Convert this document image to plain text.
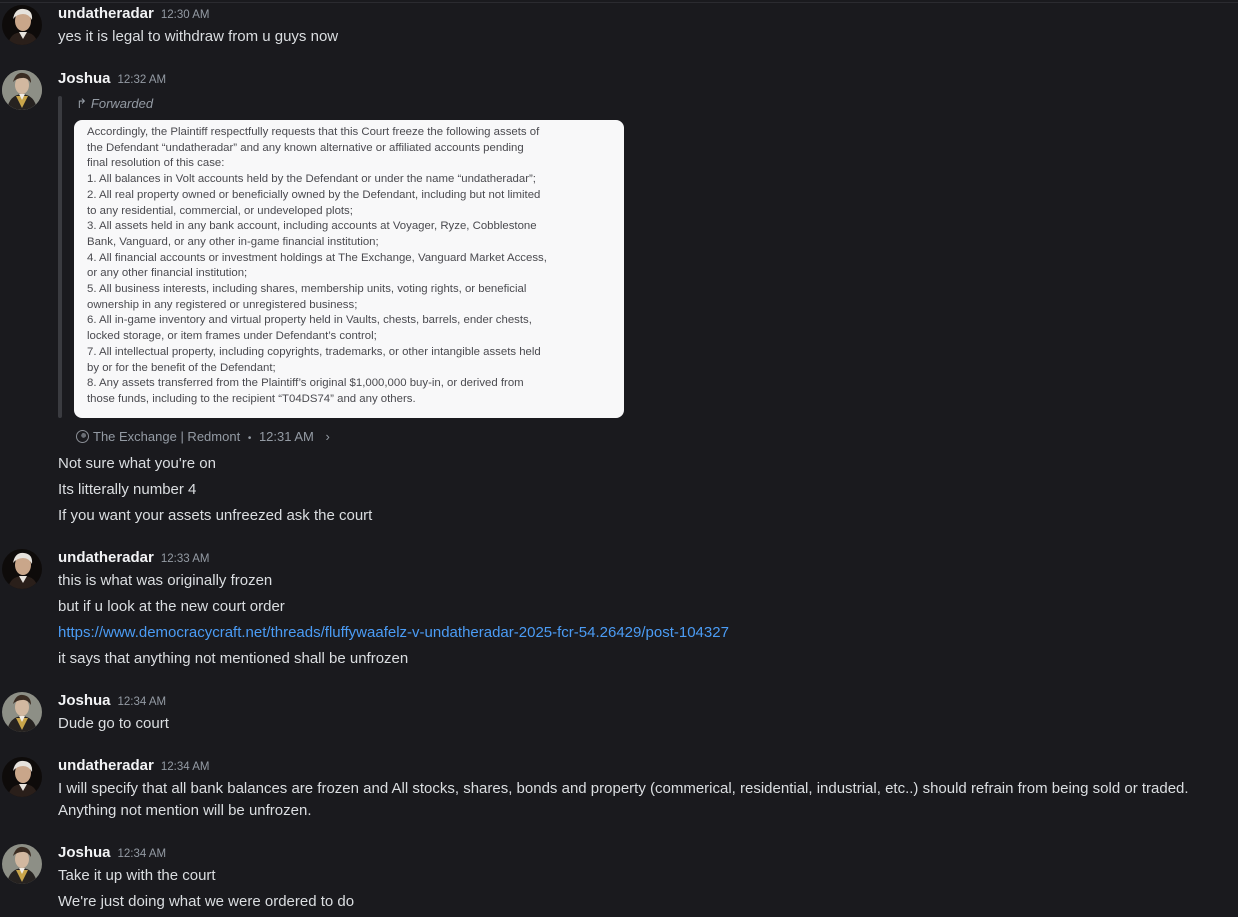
undatheradar 12:30 AM
yes it is legal to withdraw from u guys now
Joshua 12:32 AM
↱ Forwarded
Accordingly, the Plaintiff respectfully requests that this Court freeze the following assets of
the Defendant “undatheradar” and any known alternative or affiliated accounts pending
final resolution of this case:
1. All balances in Volt accounts held by the Defendant or under the name “undatheradar”;
2. All real property owned or beneficially owned by the Defendant, including but not limited
to any residential, commercial, or undeveloped plots;
3. All assets held in any bank account, including accounts at Voyager, Ryze, Cobblestone
Bank, Vanguard, or any other in-game financial institution;
4. All financial accounts or investment holdings at The Exchange, Vanguard Market Access,
or any other financial institution;
5. All business interests, including shares, membership units, voting rights, or beneficial
ownership in any registered or unregistered business;
6. All in-game inventory and virtual property held in Vaults, chests, barrels, ender chests,
locked storage, or item frames under Defendant’s control;
7. All intellectual property, including copyrights, trademarks, or other intangible assets held
by or for the benefit of the Defendant;
8. Any assets transferred from the Plaintiff’s original $1,000,000 buy-in, or derived from
those funds, including to the recipient “T04DS74” and any others.
The Exchange | Redmont • 12:31 AM ›
Not sure what you're on
Its litterally number 4
If you want your assets unfreezed ask the court
undatheradar 12:33 AM
this is what was originally frozen
but if u look at the new court order
https://www.democracycraft.net/threads/fluffywaafelz-v-undatheradar-2025-fcr-54.26429/post-104327
it says that anything not mentioned shall be unfrozen
Joshua 12:34 AM
Dude go to court
undatheradar 12:34 AM
I will specify that all bank balances are frozen and All stocks, shares, bonds and property (commerical, residential, industrial, etc..) should refrain from being sold or traded. Anything not mention will be unfrozen.
Joshua 12:34 AM
Take it up with the court
We're just doing what we were ordered to do
